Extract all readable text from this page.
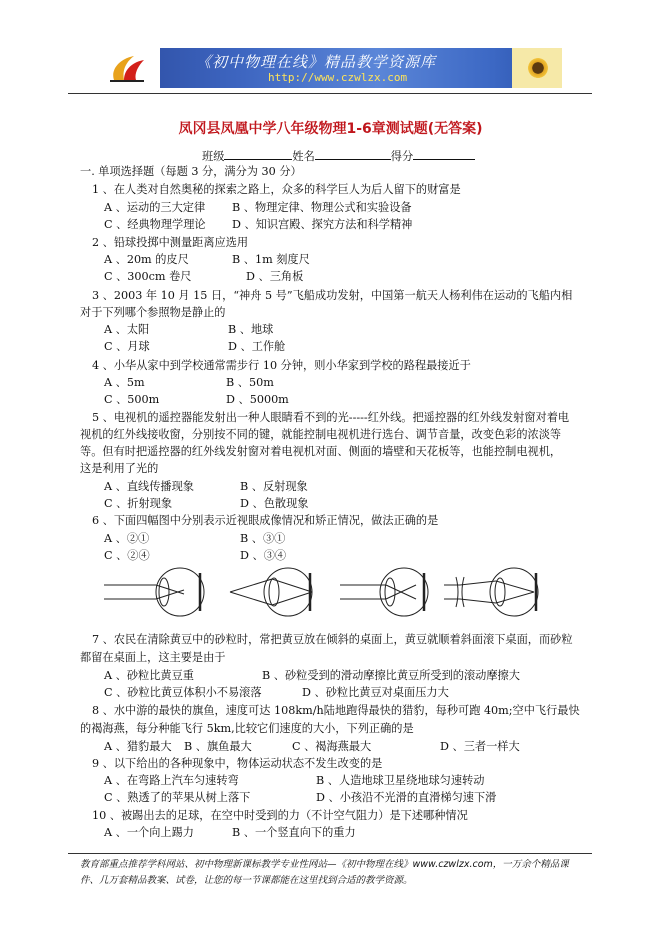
《初中物理在线》精品教学资源库
http://www.czwlzx.com
凤冈县凤凰中学八年级物理1-6章测试题(无答案)
班级	姓名	得分
一. 单项选择题（每题 3 分，满分为 30 分）
1 、在人类对自然奥秘的探索之路上，众多的科学巨人为后人留下的财富是
A 、运动的三大定律 B 、物理定律、物理公式和实验设备
C 、经典物理学理论 D 、知识宫殿、探究方法和科学精神
2 、铅球投掷中测量距离应选用
A 、20m 的皮尺	B 、1m 刻度尺
C 、300cm 卷尺	D 、三角板
3 、2003 年 10 月 15 日，“神舟 5 号”飞船成功发射，中国第一航天人杨利伟在运动的飞船内相
对于下列哪个参照物是静止的
A 、太阳	B 、地球
C 、月球	D 、工作舱
4 、小华从家中到学校通常需步行 10 分钟，则小华家到学校的路程最接近于
A 、5m	B 、50m
C 、500m	D 、5000m
5 、电视机的遥控器能发射出一种人眼睛看不到的光-----红外线。把遥控器的红外线发射窗对着电
视机的红外线接收窗，分别按不同的键，就能控制电视机进行选台、调节音量，改变色彩的浓淡等
等。但有时把遥控器的红外线发射窗对着电视机对面、侧面的墙壁和天花板等，也能控制电视机，
这是利用了光的
A 、直线传播现象	B 、反射现象
C 、折射现象	D 、色散现象
6 、下面四幅图中分别表示近视眼成像情况和矫正情况，做法正确的是
A 、②①	B 、③①
C 、②④	D 、③④
7 、农民在清除黄豆中的砂粒时，常把黄豆放在倾斜的桌面上，黄豆就顺着斜面滚下桌面，而砂粒
都留在桌面上，这主要是由于
A 、砂粒比黄豆重	B 、砂粒受到的滑动摩擦比黄豆所受到的滚动摩擦大
C 、砂粒比黄豆体积小不易滚落	D 、砂粒比黄豆对桌面压力大
8 、水中游的最快的旗鱼，速度可达 108km/h陆地跑得最快的猎豹，每秒可跑 40m;空中飞行最快
的褐海燕，每分种能飞行 5km,比较它们速度的大小，下列正确的是
A 、猎豹最大 B 、旗鱼最大	C 、褐海燕最大	D 、三者一样大
9 、以下给出的各种现象中，物体运动状态不发生改变的是
A 、在弯路上汽车匀速转弯	B 、人造地球卫星绕地球匀速转动
C 、熟透了的苹果从树上落下	D 、小孩沿不光滑的直滑梯匀速下滑
10 、被踢出去的足球，在空中时受到的力（不计空气阻力）是下述哪种情况
A 、一个向上踢力	B 、一个竖直向下的重力
教育部重点推荐学科网站、初中物理新课标教学专业性网站—《初中物理在线》www.czwlzx.com，一万余个精品课
件、几万套精品教案、试卷，让您的每一节课都能在这里找到合适的教学资源。
